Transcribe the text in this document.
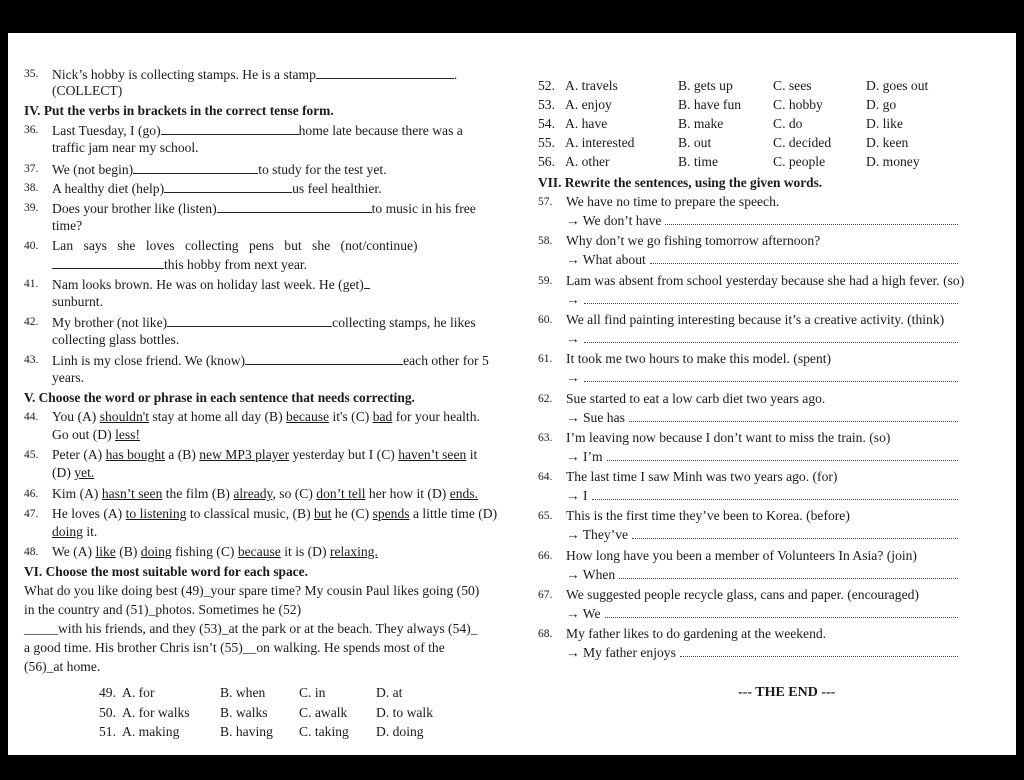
35. Nick’s hobby is collecting stamps. He is a stamp	.
(COLLECT)
IV. Put the verbs in brackets in the correct tense form.
36. Last Tuesday, I (go)	home late because there was a
traffic jam near my school.
37. We (not begin)	to study for the test yet.
38. A healthy diet (help)	us feel healthier.
39. Does your brother like (listen)	to music in his free
time?
40. Lan says she loves collecting pens but she (not/continue)
this hobby from next year.
41. Nam looks brown. He was on holiday last week. He (get)
sunburnt.
42. My brother (not like)	collecting stamps, he likes
collecting glass bottles.
43. Linh is my close friend. We (know)	each other for 5
years.
V. Choose the word or phrase in each sentence that needs correcting.
44. You (A) shouldn't stay at home all day (B) because it's (C) bad for your health.
Go out (D) less!
45. Peter (A) has bought a (B) new MP3 player yesterday but I (C) haven’t seen it
(D) yet.
46. Kim (A) hasn’t seen the film (B) already, so (C) don’t tell her how it (D) ends.
47. He loves (A) to listening to classical music, (B) but he (C) spends a little time (D)
doing it.
48. We (A) like (B) doing fishing (C) because it is (D) relaxing.
VI. Choose the most suitable word for each space.
What do you like doing best (49)_your spare time? My cousin Paul likes going (50)
in the country and (51)_photos. Sometimes he (52)
_____with his friends, and they (53)_at the park or at the beach. They always (54)_
a good time. His brother Chris isn’t (55)__on walking. He spends most of the
(56)_at home.
49. A. for	B. when C. in	D. at
50. A. for walks B. walks C. awalk D. to walk
51. A. making	B. having C. taking D. doing
52. A. travels	B. gets up	C. sees	D. goes out
53. A. enjoy	B. have fun C. hobby	D. go
54. A. have	B. make	C. do	D. like
55. A. interested	B. out	C. decided	D. keen
56. A. other	B. time	C. people	D. money
VII. Rewrite the sentences, using the given words.
57. We have no time to prepare the speech.
→ We don’t have
58. Why don’t we go fishing tomorrow afternoon?
→ What about
59. Lam was absent from school yesterday because she had a high fever. (so)
→
60. We all find painting interesting because it’s a creative activity. (think)
→
61. It took me two hours to make this model. (spent)
→
62. Sue started to eat a low carb diet two years ago.
→ Sue has
63. I’m leaving now because I don’t want to miss the train. (so)
→ I’m
64. The last time I saw Minh was two years ago. (for)
→ I
65. This is the first time they’ve been to Korea. (before)
→ They’ve
66. How long have you been a member of Volunteers In Asia? (join)
→ When
67. We suggested people recycle glass, cans and paper. (encouraged)
→ We
68. My father likes to do gardening at the weekend.
→ My father enjoys
--- THE END ---
